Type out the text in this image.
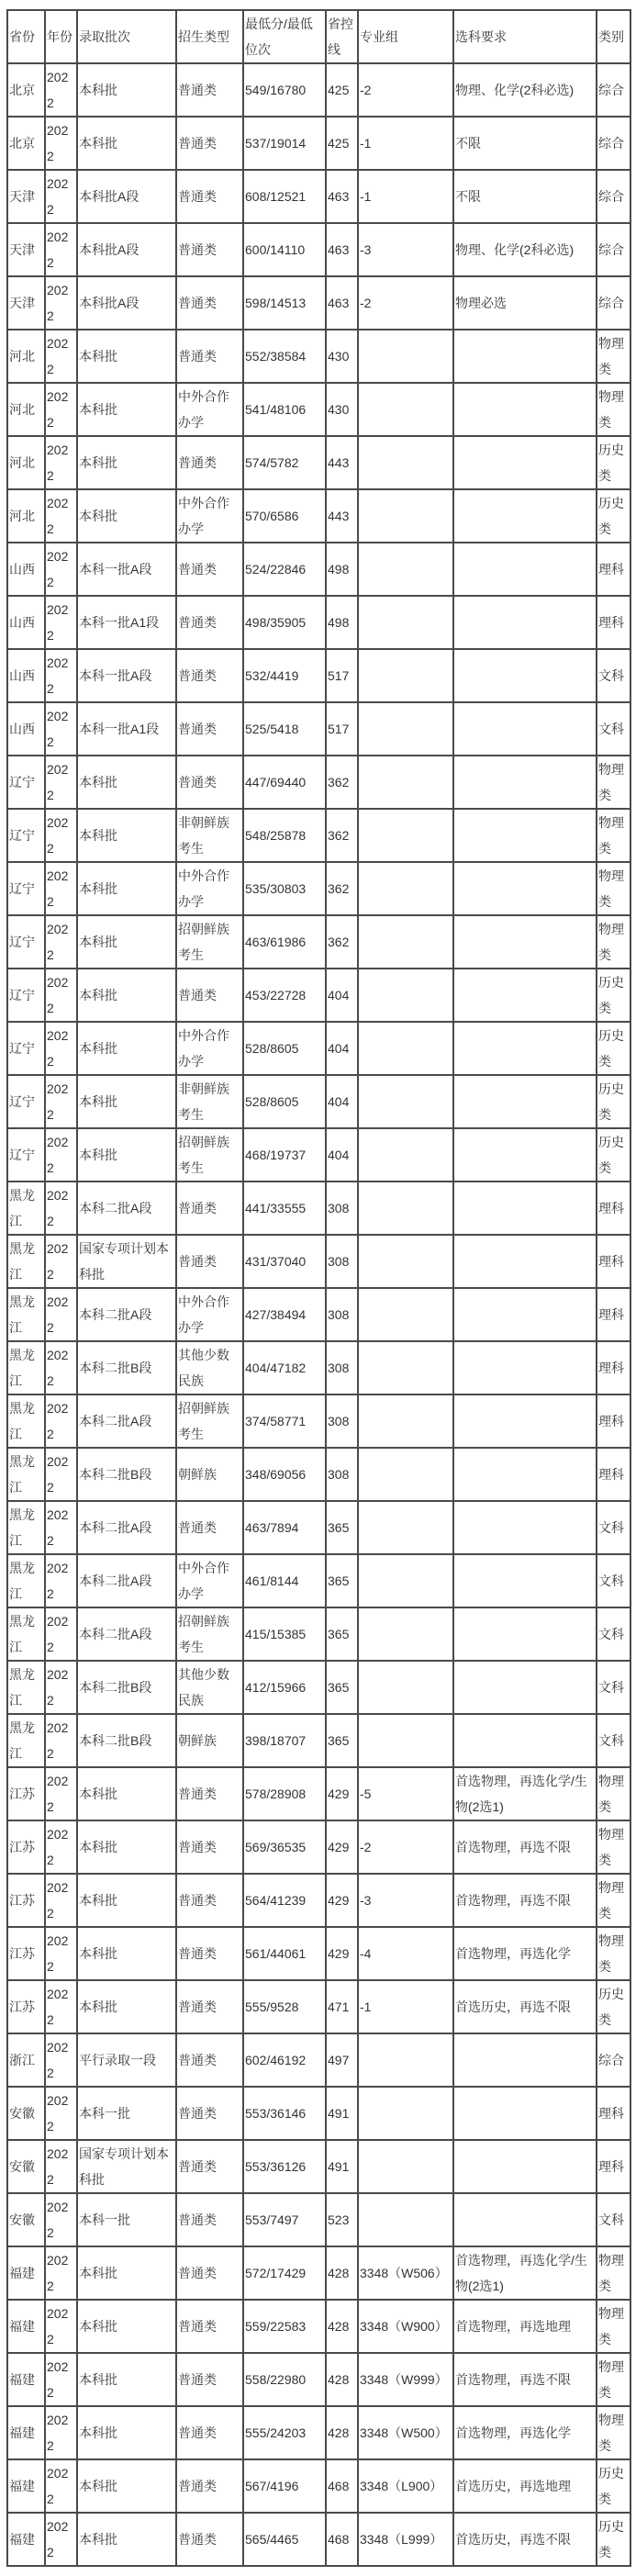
省份	年份	录取批次	招生类型	最低分/最低位次	省控线	专业组	选科要求	类别
北京	2022	本科批	普通类	549/16780	425	-2	物理、化学(2科必选)	综合
北京	2022	本科批	普通类	537/19014	425	-1	不限	综合
天津	2022	本科批A段	普通类	608/12521	463	-1	不限	综合
天津	2022	本科批A段	普通类	600/14110	463	-3	物理、化学(2科必选)	综合
天津	2022	本科批A段	普通类	598/14513	463	-2	物理必选	综合
河北	2022	本科批	普通类	552/38584	430			物理类
河北	2022	本科批	中外合作办学	541/48106	430			物理类
河北	2022	本科批	普通类	574/5782	443			历史类
河北	2022	本科批	中外合作办学	570/6586	443			历史类
山西	2022	本科一批A段	普通类	524/22846	498			理科
山西	2022	本科一批A1段	普通类	498/35905	498			理科
山西	2022	本科一批A段	普通类	532/4419	517			文科
山西	2022	本科一批A1段	普通类	525/5418	517			文科
辽宁	2022	本科批	普通类	447/69440	362			物理类
辽宁	2022	本科批	非朝鲜族考生	548/25878	362			物理类
辽宁	2022	本科批	中外合作办学	535/30803	362			物理类
辽宁	2022	本科批	招朝鲜族考生	463/61986	362			物理类
辽宁	2022	本科批	普通类	453/22728	404			历史类
辽宁	2022	本科批	中外合作办学	528/8605	404			历史类
辽宁	2022	本科批	非朝鲜族考生	528/8605	404			历史类
辽宁	2022	本科批	招朝鲜族考生	468/19737	404			历史类
黑龙江	2022	本科二批A段	普通类	441/33555	308			理科
黑龙江	2022	国家专项计划本科批	普通类	431/37040	308			理科
黑龙江	2022	本科二批A段	中外合作办学	427/38494	308			理科
黑龙江	2022	本科二批B段	其他少数民族	404/47182	308			理科
黑龙江	2022	本科二批A段	招朝鲜族考生	374/58771	308			理科
黑龙江	2022	本科二批B段	朝鲜族	348/69056	308			理科
黑龙江	2022	本科二批A段	普通类	463/7894	365			文科
黑龙江	2022	本科二批A段	中外合作办学	461/8144	365			文科
黑龙江	2022	本科二批A段	招朝鲜族考生	415/15385	365			文科
黑龙江	2022	本科二批B段	其他少数民族	412/15966	365			文科
黑龙江	2022	本科二批B段	朝鲜族	398/18707	365			文科
江苏	2022	本科批	普通类	578/28908	429	-5	首选物理，再选化学/生物(2选1)	物理类
江苏	2022	本科批	普通类	569/36535	429	-2	首选物理，再选不限	物理类
江苏	2022	本科批	普通类	564/41239	429	-3	首选物理，再选不限	物理类
江苏	2022	本科批	普通类	561/44061	429	-4	首选物理，再选化学	物理类
江苏	2022	本科批	普通类	555/9528	471	-1	首选历史，再选不限	历史类
浙江	2022	平行录取一段	普通类	602/46192	497			综合
安徽	2022	本科一批	普通类	553/36146	491			理科
安徽	2022	国家专项计划本科批	普通类	553/36126	491			理科
安徽	2022	本科一批	普通类	553/7497	523			文科
福建	2022	本科批	普通类	572/17429	428	3348（W506）	首选物理，再选化学/生物(2选1)	物理类
福建	2022	本科批	普通类	559/22583	428	3348（W900）	首选物理，再选地理	物理类
福建	2022	本科批	普通类	558/22980	428	3348（W999）	首选物理，再选不限	物理类
福建	2022	本科批	普通类	555/24203	428	3348（W500）	首选物理，再选化学	物理类
福建	2022	本科批	普通类	567/4196	468	3348（L900）	首选历史，再选地理	历史类
福建	2022	本科批	普通类	565/4465	468	3348（L999）	首选历史，再选不限	历史类
